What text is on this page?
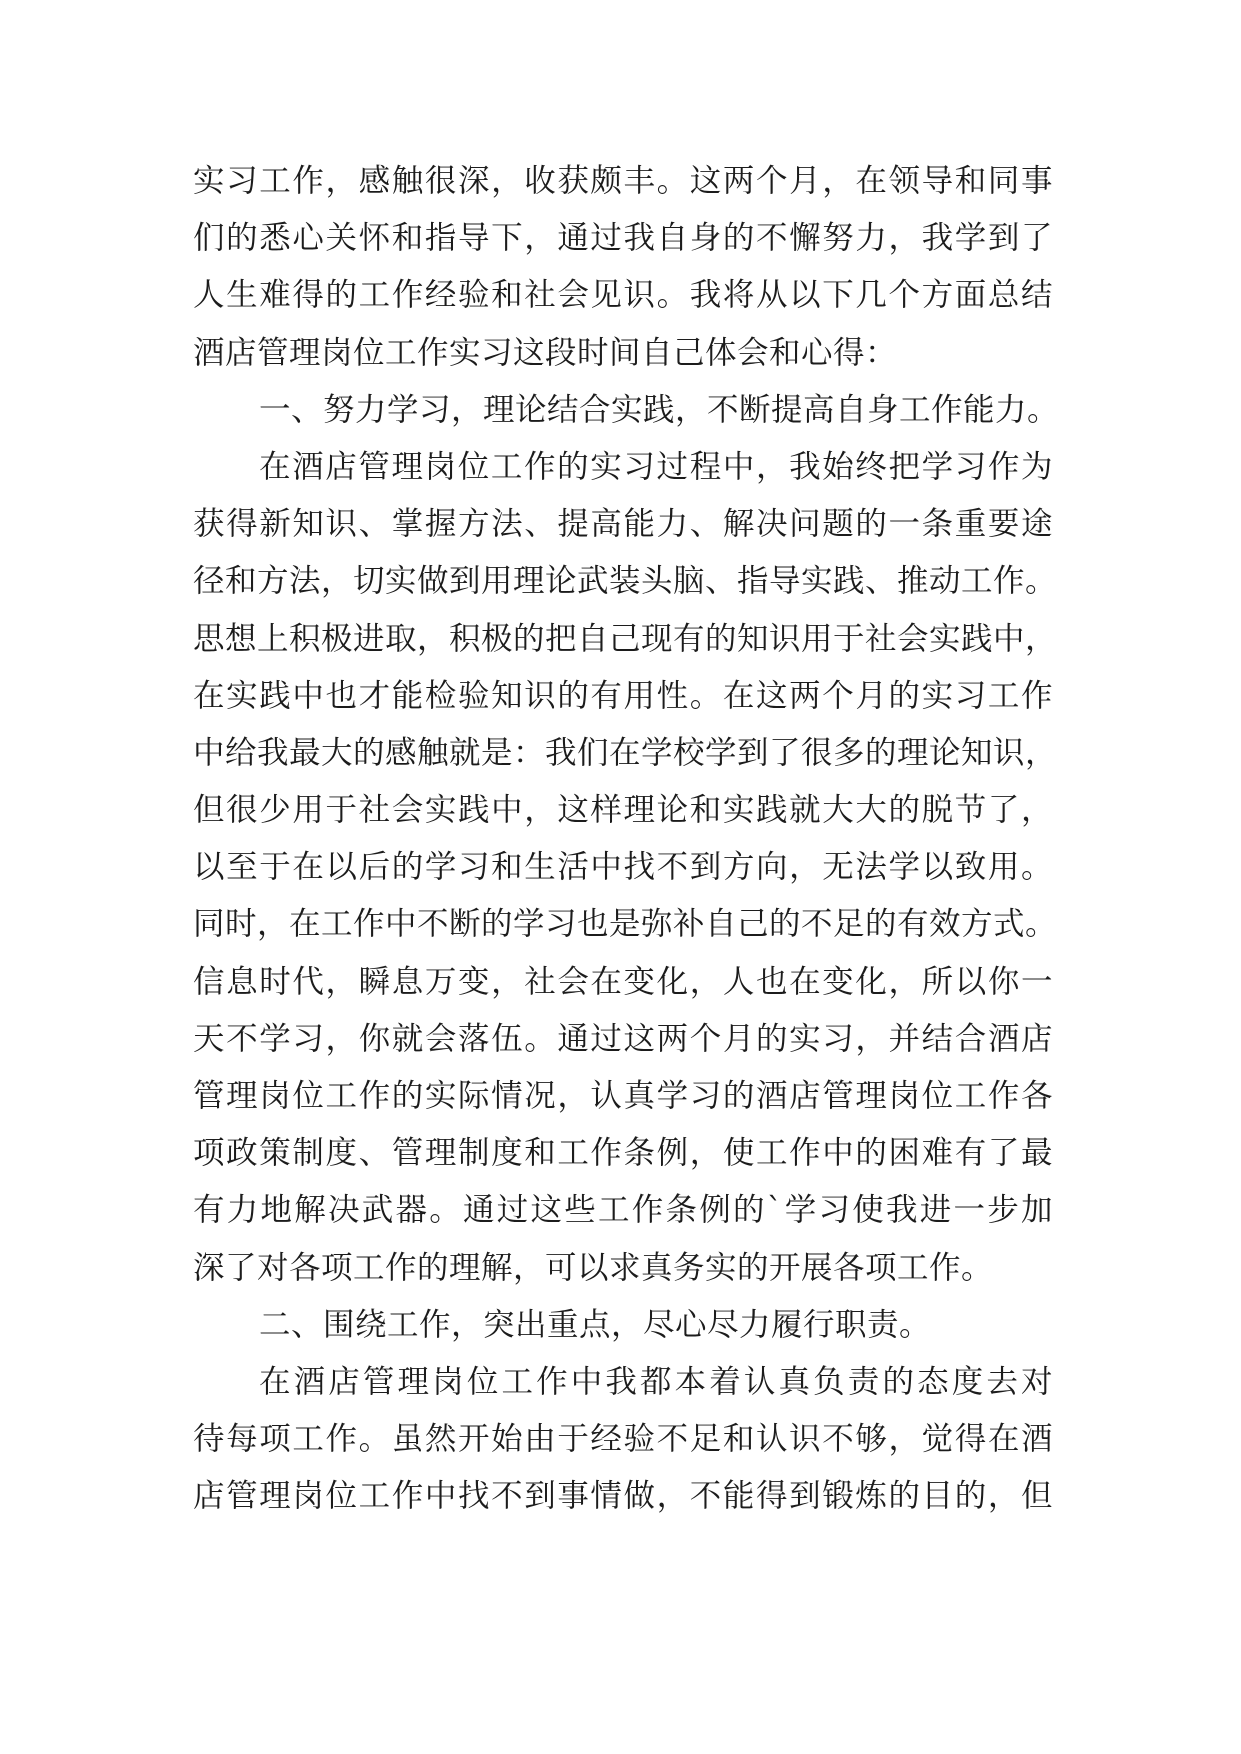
实习工作，感触很深，收获颇丰。这两个月，在领导和同事
们的悉心关怀和指导下，通过我自身的不懈努力，我学到了
人生难得的工作经验和社会见识。我将从以下几个方面总结
酒店管理岗位工作实习这段时间自己体会和心得：
一、努力学习，理论结合实践，不断提高自身工作能力。
在酒店管理岗位工作的实习过程中，我始终把学习作为
获得新知识、掌握方法、提高能力、解决问题的一条重要途
径和方法，切实做到用理论武装头脑、指导实践、推动工作。
思想上积极进取，积极的把自己现有的知识用于社会实践中，
在实践中也才能检验知识的有用性。在这两个月的实习工作
中给我最大的感触就是：我们在学校学到了很多的理论知识，
但很少用于社会实践中，这样理论和实践就大大的脱节了，
以至于在以后的学习和生活中找不到方向，无法学以致用。
同时，在工作中不断的学习也是弥补自己的不足的有效方式。
信息时代，瞬息万变，社会在变化，人也在变化，所以你一
天不学习，你就会落伍。通过这两个月的实习，并结合酒店
管理岗位工作的实际情况，认真学习的酒店管理岗位工作各
项政策制度、管理制度和工作条例，使工作中的困难有了最
有力地解决武器。通过这些工作条例的`学习使我进一步加
深了对各项工作的理解，可以求真务实的开展各项工作。
二、围绕工作，突出重点，尽心尽力履行职责。
在酒店管理岗位工作中我都本着认真负责的态度去对
待每项工作。虽然开始由于经验不足和认识不够，觉得在酒
店管理岗位工作中找不到事情做，不能得到锻炼的目的，但
